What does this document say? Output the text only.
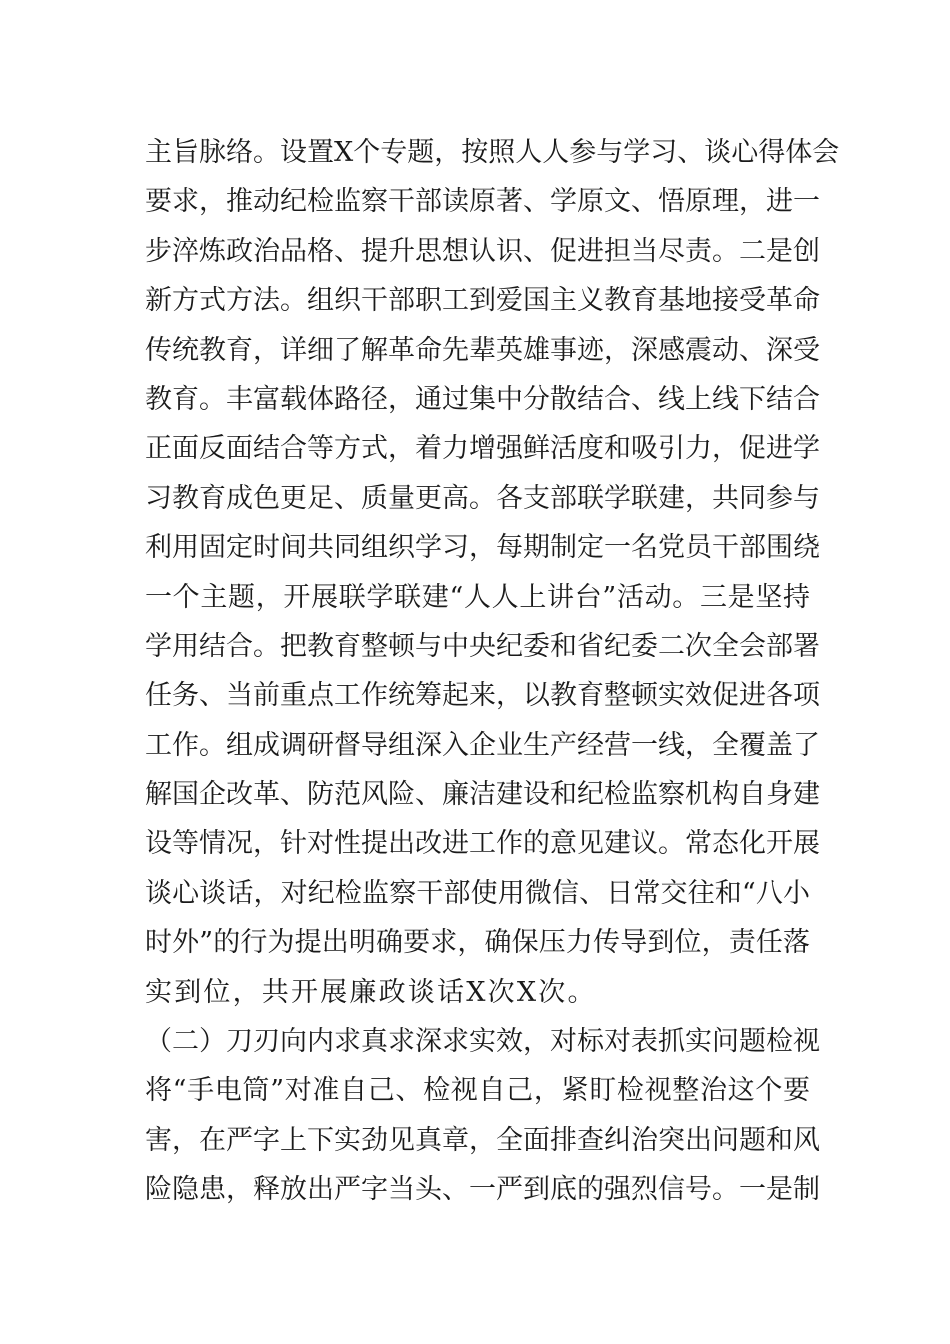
主旨脉络。设置X个专题，按照人人参与学习、谈心得体会
要求，推动纪检监察干部读原著、学原文、悟原理，进一
步淬炼政治品格、提升思想认识、促进担当尽责。二是创
新方式方法。组织干部职工到爱国主义教育基地接受革命
传统教育，详细了解革命先辈英雄事迹，深感震动、深受
教育。丰富载体路径，通过集中分散结合、线上线下结合
正面反面结合等方式，着力增强鲜活度和吸引力，促进学
习教育成色更足、质量更高。各支部联学联建，共同参与
利用固定时间共同组织学习，每期制定一名党员干部围绕
一个主题，开展联学联建“人人上讲台”活动。三是坚持
学用结合。把教育整顿与中央纪委和省纪委二次全会部署
任务、当前重点工作统筹起来，以教育整顿实效促进各项
工作。组成调研督导组深入企业生产经营一线，全覆盖了
解国企改革、防范风险、廉洁建设和纪检监察机构自身建
设等情况，针对性提出改进工作的意见建议。常态化开展
谈心谈话，对纪检监察干部使用微信、日常交往和“八小
时外”的行为提出明确要求，确保压力传导到位，责任落
实到位，共开展廉政谈话X次X次。
（二）刀刃向内求真求深求实效，对标对表抓实问题检视
将“手电筒”对准自己、检视自己，紧盯检视整治这个要
害，在严字上下实劲见真章，全面排查纠治突出问题和风
险隐患，释放出严字当头、一严到底的强烈信号。一是制
